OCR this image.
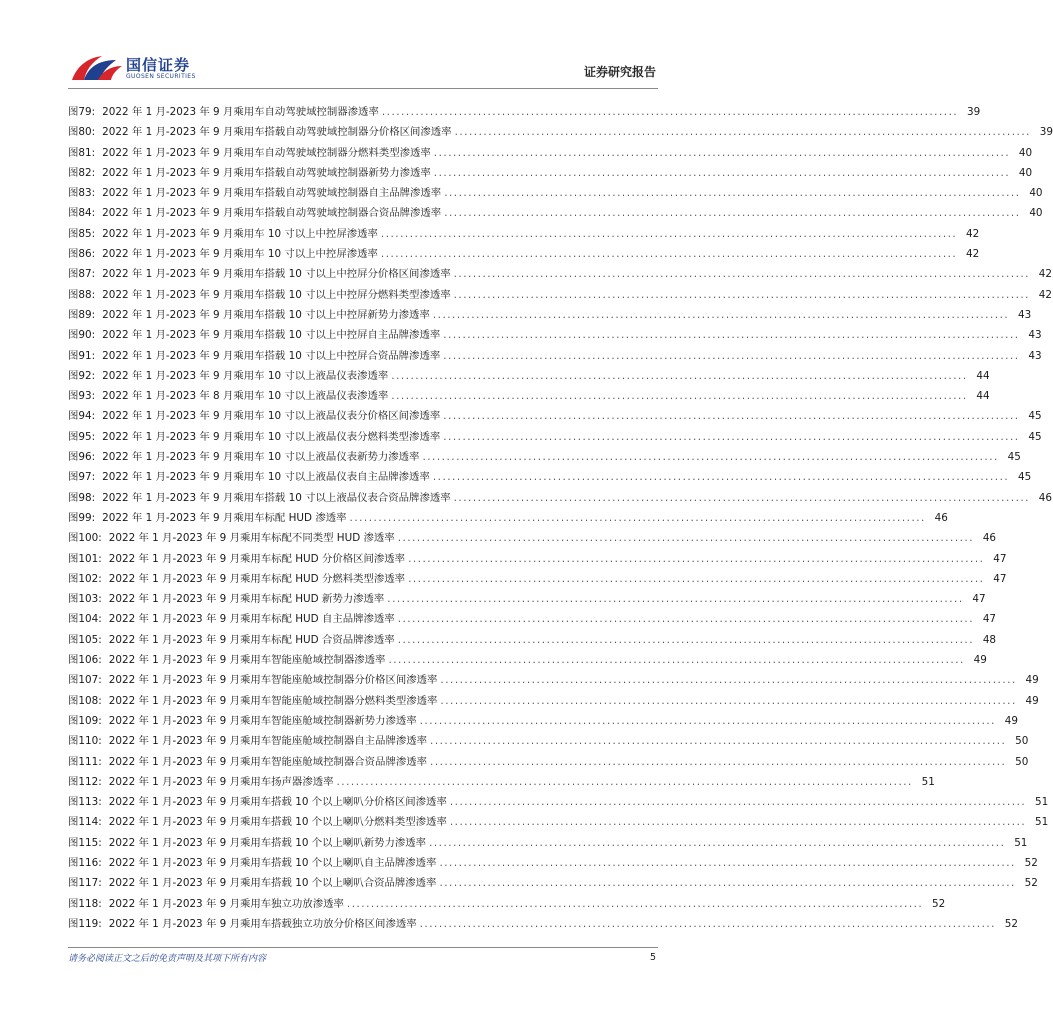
国信证券
GUOSEN SECURITIES	证券研究报告
图79: 2022 年 1 月-2023 年 9 月乘用车自动驾驶域控制器渗透率 ........................................................................................................................ 39
图80: 2022 年 1 月-2023 年 9 月乘用车搭载自动驾驶域控制器分价格区间渗透率 ........................................................................................................................ 39
图81: 2022 年 1 月-2023 年 9 月乘用车自动驾驶域控制器分燃料类型渗透率 ........................................................................................................................ 40
图82: 2022 年 1 月-2023 年 9 月乘用车搭载自动驾驶域控制器新势力渗透率 ........................................................................................................................ 40
图83: 2022 年 1 月-2023 年 9 月乘用车搭载自动驾驶域控制器自主品牌渗透率 ........................................................................................................................ 40
图84: 2022 年 1 月-2023 年 9 月乘用车搭载自动驾驶域控制器合资品牌渗透率 ........................................................................................................................ 40
图85: 2022 年 1 月-2023 年 9 月乘用车 10 寸以上中控屏渗透率 ........................................................................................................................ 42
图86: 2022 年 1 月-2023 年 9 月乘用车 10 寸以上中控屏渗透率 ........................................................................................................................ 42
图87: 2022 年 1 月-2023 年 9 月乘用车搭载 10 寸以上中控屏分价格区间渗透率 ........................................................................................................................ 42
图88: 2022 年 1 月-2023 年 9 月乘用车搭载 10 寸以上中控屏分燃料类型渗透率 ........................................................................................................................ 42
图89: 2022 年 1 月-2023 年 9 月乘用车搭载 10 寸以上中控屏新势力渗透率 ........................................................................................................................ 43
图90: 2022 年 1 月-2023 年 9 月乘用车搭载 10 寸以上中控屏自主品牌渗透率 ........................................................................................................................ 43
图91: 2022 年 1 月-2023 年 9 月乘用车搭载 10 寸以上中控屏合资品牌渗透率 ........................................................................................................................ 43
图92: 2022 年 1 月-2023 年 9 月乘用车 10 寸以上液晶仪表渗透率 ........................................................................................................................ 44
图93: 2022 年 1 月-2023 年 8 月乘用车 10 寸以上液晶仪表渗透率 ........................................................................................................................ 44
图94: 2022 年 1 月-2023 年 9 月乘用车 10 寸以上液晶仪表分价格区间渗透率 ........................................................................................................................ 45
图95: 2022 年 1 月-2023 年 9 月乘用车 10 寸以上液晶仪表分燃料类型渗透率 ........................................................................................................................ 45
图96: 2022 年 1 月-2023 年 9 月乘用车 10 寸以上液晶仪表新势力渗透率 ........................................................................................................................ 45
图97: 2022 年 1 月-2023 年 9 月乘用车 10 寸以上液晶仪表自主品牌渗透率 ........................................................................................................................ 45
图98: 2022 年 1 月-2023 年 9 月乘用车搭载 10 寸以上液晶仪表合资品牌渗透率 ........................................................................................................................ 46
图99: 2022 年 1 月-2023 年 9 月乘用车标配 HUD 渗透率 ........................................................................................................................ 46
图100: 2022 年 1 月-2023 年 9 月乘用车标配不同类型 HUD 渗透率 ........................................................................................................................ 46
图101: 2022 年 1 月-2023 年 9 月乘用车标配 HUD 分价格区间渗透率 ........................................................................................................................ 47
图102: 2022 年 1 月-2023 年 9 月乘用车标配 HUD 分燃料类型渗透率 ........................................................................................................................ 47
图103: 2022 年 1 月-2023 年 9 月乘用车标配 HUD 新势力渗透率 ........................................................................................................................ 47
图104: 2022 年 1 月-2023 年 9 月乘用车标配 HUD 自主品牌渗透率 ........................................................................................................................ 47
图105: 2022 年 1 月-2023 年 9 月乘用车标配 HUD 合资品牌渗透率 ........................................................................................................................ 48
图106: 2022 年 1 月-2023 年 9 月乘用车智能座舱域控制器渗透率 ........................................................................................................................ 49
图107: 2022 年 1 月-2023 年 9 月乘用车智能座舱域控制器分价格区间渗透率 ........................................................................................................................ 49
图108: 2022 年 1 月-2023 年 9 月乘用车智能座舱域控制器分燃料类型渗透率 ........................................................................................................................ 49
图109: 2022 年 1 月-2023 年 9 月乘用车智能座舱域控制器新势力渗透率 ........................................................................................................................ 49
图110: 2022 年 1 月-2023 年 9 月乘用车智能座舱域控制器自主品牌渗透率 ........................................................................................................................ 50
图111: 2022 年 1 月-2023 年 9 月乘用车智能座舱域控制器合资品牌渗透率 ........................................................................................................................ 50
图112: 2022 年 1 月-2023 年 9 月乘用车扬声器渗透率 ........................................................................................................................ 51
图113: 2022 年 1 月-2023 年 9 月乘用车搭载 10 个以上喇叭分价格区间渗透率 ........................................................................................................................ 51
图114: 2022 年 1 月-2023 年 9 月乘用车搭载 10 个以上喇叭分燃料类型渗透率 ........................................................................................................................ 51
图115: 2022 年 1 月-2023 年 9 月乘用车搭载 10 个以上喇叭新势力渗透率 ........................................................................................................................ 51
图116: 2022 年 1 月-2023 年 9 月乘用车搭载 10 个以上喇叭自主品牌渗透率 ........................................................................................................................ 52
图117: 2022 年 1 月-2023 年 9 月乘用车搭载 10 个以上喇叭合资品牌渗透率 ........................................................................................................................ 52
图118: 2022 年 1 月-2023 年 9 月乘用车独立功放渗透率 ........................................................................................................................ 52
图119: 2022 年 1 月-2023 年 9 月乘用车搭载独立功放分价格区间渗透率 ........................................................................................................................ 52
请务必阅读正文之后的免责声明及其项下所有内容	5
